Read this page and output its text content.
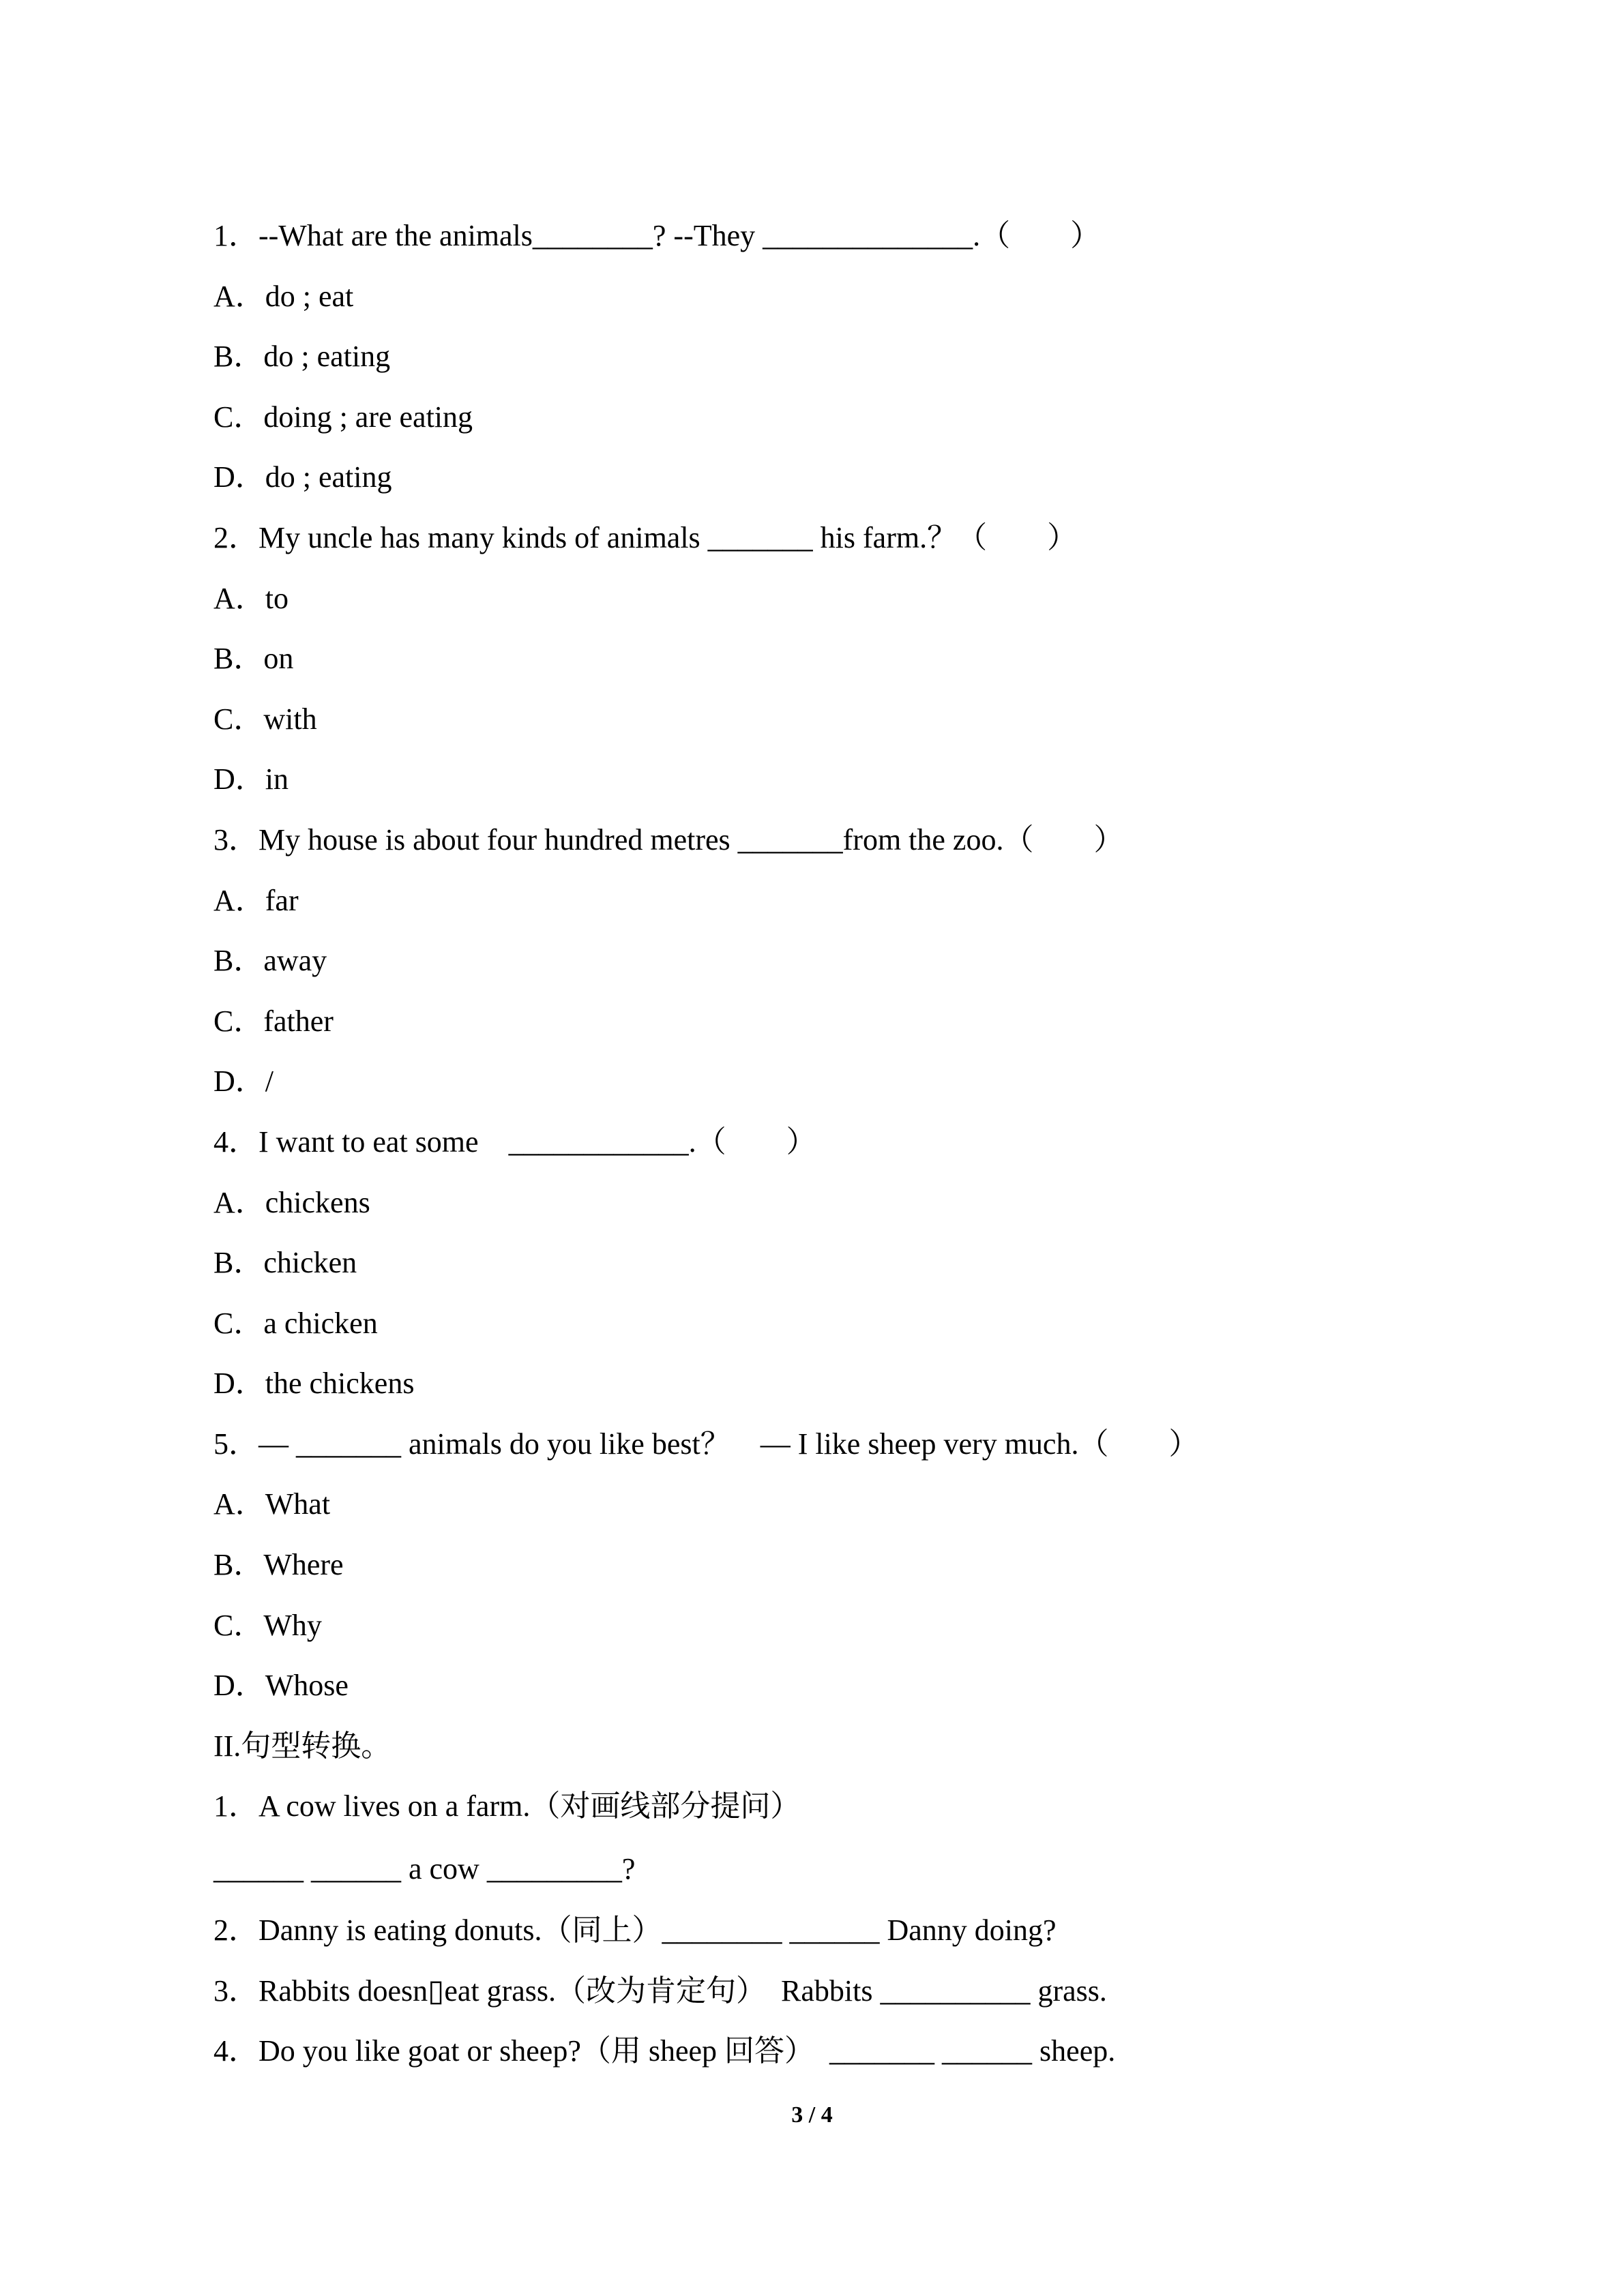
1．--What are the animals________? --They ______________.（　　）
A．do ; eat
B．do ; eating
C．doing ; are eating
D．do ; eating
2．My uncle has many kinds of animals _______ his farm.？（　　）
A．to
B．on
C．with
D．in
3．My house is about four hundred metres _______from the zoo.（　　）
A．far
B．away
C．father
D．/
4．I want to eat some　____________.（　　）
A．chickens
B．chicken
C．a chicken
D．the chickens
5．— _______ animals do you like best？　— I like sheep very much.（　　）
A．What
B．Where
C．Why
D．Whose
II.句型转换。
1．A cow lives on a farm.（对画线部分提问）
______ ______ a cow _________?
2．Danny is eating donuts.（同上）________ ______ Danny doing?
3．Rabbits doesn▯eat grass.（改为肯定句）  Rabbits __________ grass.
4．Do you like goat or sheep?（用 sheep 回答）  _______ ______ sheep.
3 / 4
